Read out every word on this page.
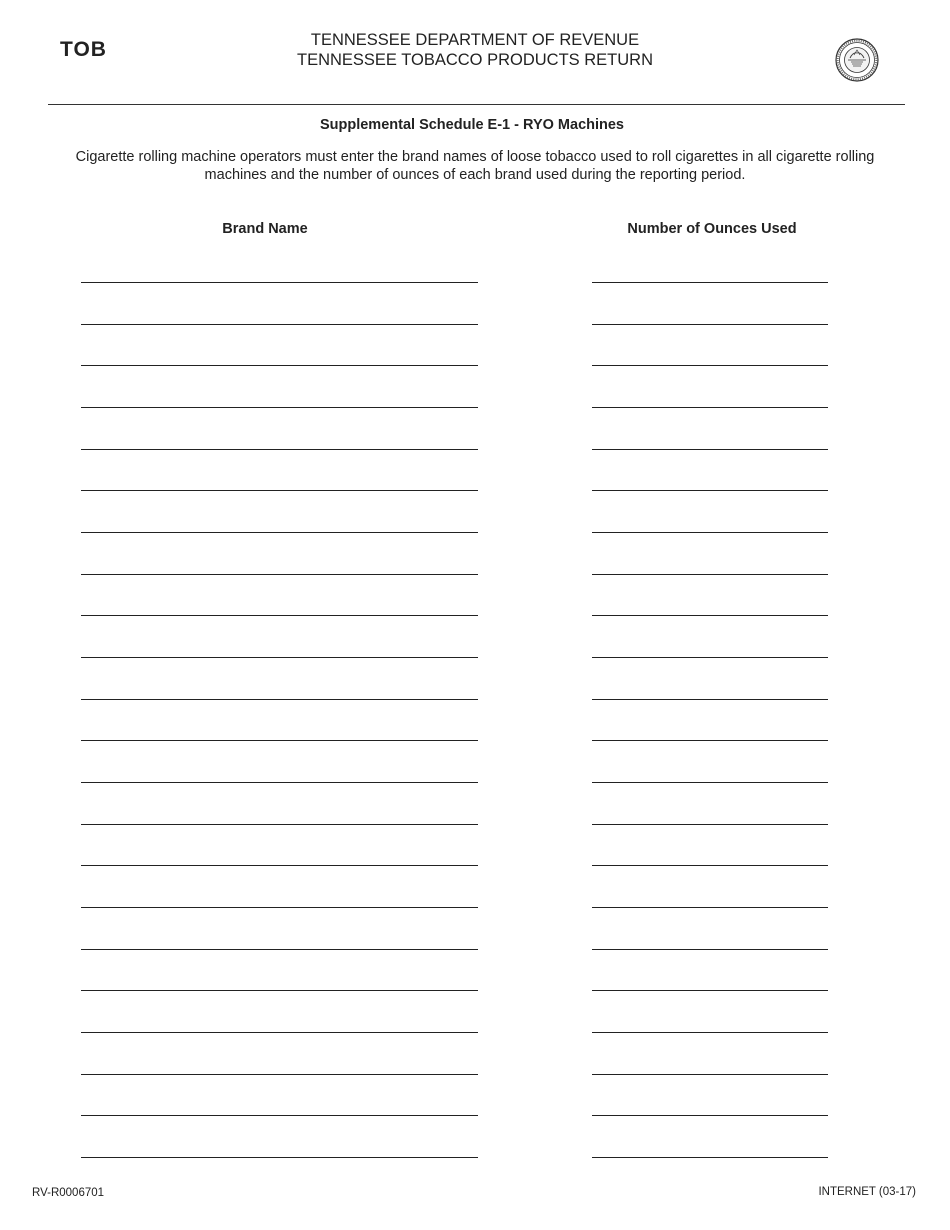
TOB	TENNESSEE DEPARTMENT OF REVENUE
TENNESSEE TOBACCO PRODUCTS RETURN
Supplemental Schedule E-1 - RYO Machines
Cigarette rolling machine operators must enter the brand names of loose tobacco used to roll cigarettes in all cigarette rolling machines and the number of ounces of each brand used during the reporting period.
Brand Name	Number of Ounces Used
RV-R0006701	INTERNET (03-17)
